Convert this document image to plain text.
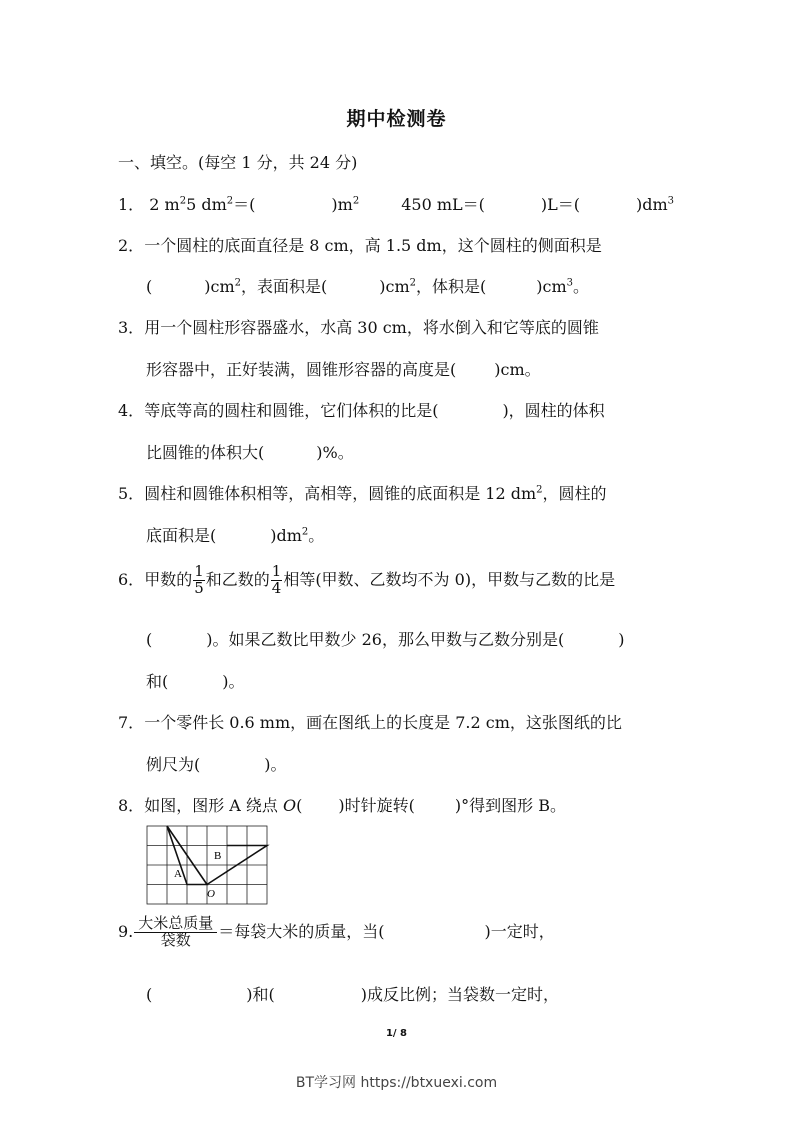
期中检测卷
一、填空。(每空 1 分，共 24 分)
1． 2 $m^25$ $dm^2=$(	)$m^2$	450 mL＝(	)L＝(	)$dm^3$
2．一个圆柱的底面直径是 8 cm，高 1.5 dm，这个圆柱的侧面积是
(	)$cm^2$，表面积是(	)$cm^2$，体积是(	)$cm^3$。
3．用一个圆柱形容器盛水，水高 30 cm，将水倒入和它等底的圆锥
形容器中，正好装满，圆锥形容器的高度是( )cm。
4．等底等高的圆柱和圆锥，它们体积的比是(	)，圆柱的体积
比圆锥的体积大(	)%。
5．圆柱和圆锥体积相等，高相等，圆锥的底面积是 12 $dm^2$，圆柱的
底面积是(	)$dm^2$。
6．甲数的 $\frac{1}{5}$ 和乙数的 $\frac{1}{4}$ 相等(甲数、乙数均不为 0)，甲数与乙数的比是
(	)。如果乙数比甲数少 26，那么甲数与乙数分别是(	)
和(	)。
7．一个零件长 0.6 mm，画在图纸上的长度是 7.2 cm，这张图纸的比
例尺为(	)。
8．如图，图形 A 绕点 O( )时针旋转(	)°得到图形 B。
A
B
O
9. $\frac{\text{大米总质量}}{\text{袋数}}$ ＝每袋大米的质量，当(	)一定时，
(	)和(	)成反比例；当袋数一定时，
1/ 8
BT学习网 https://btxuexi.com
